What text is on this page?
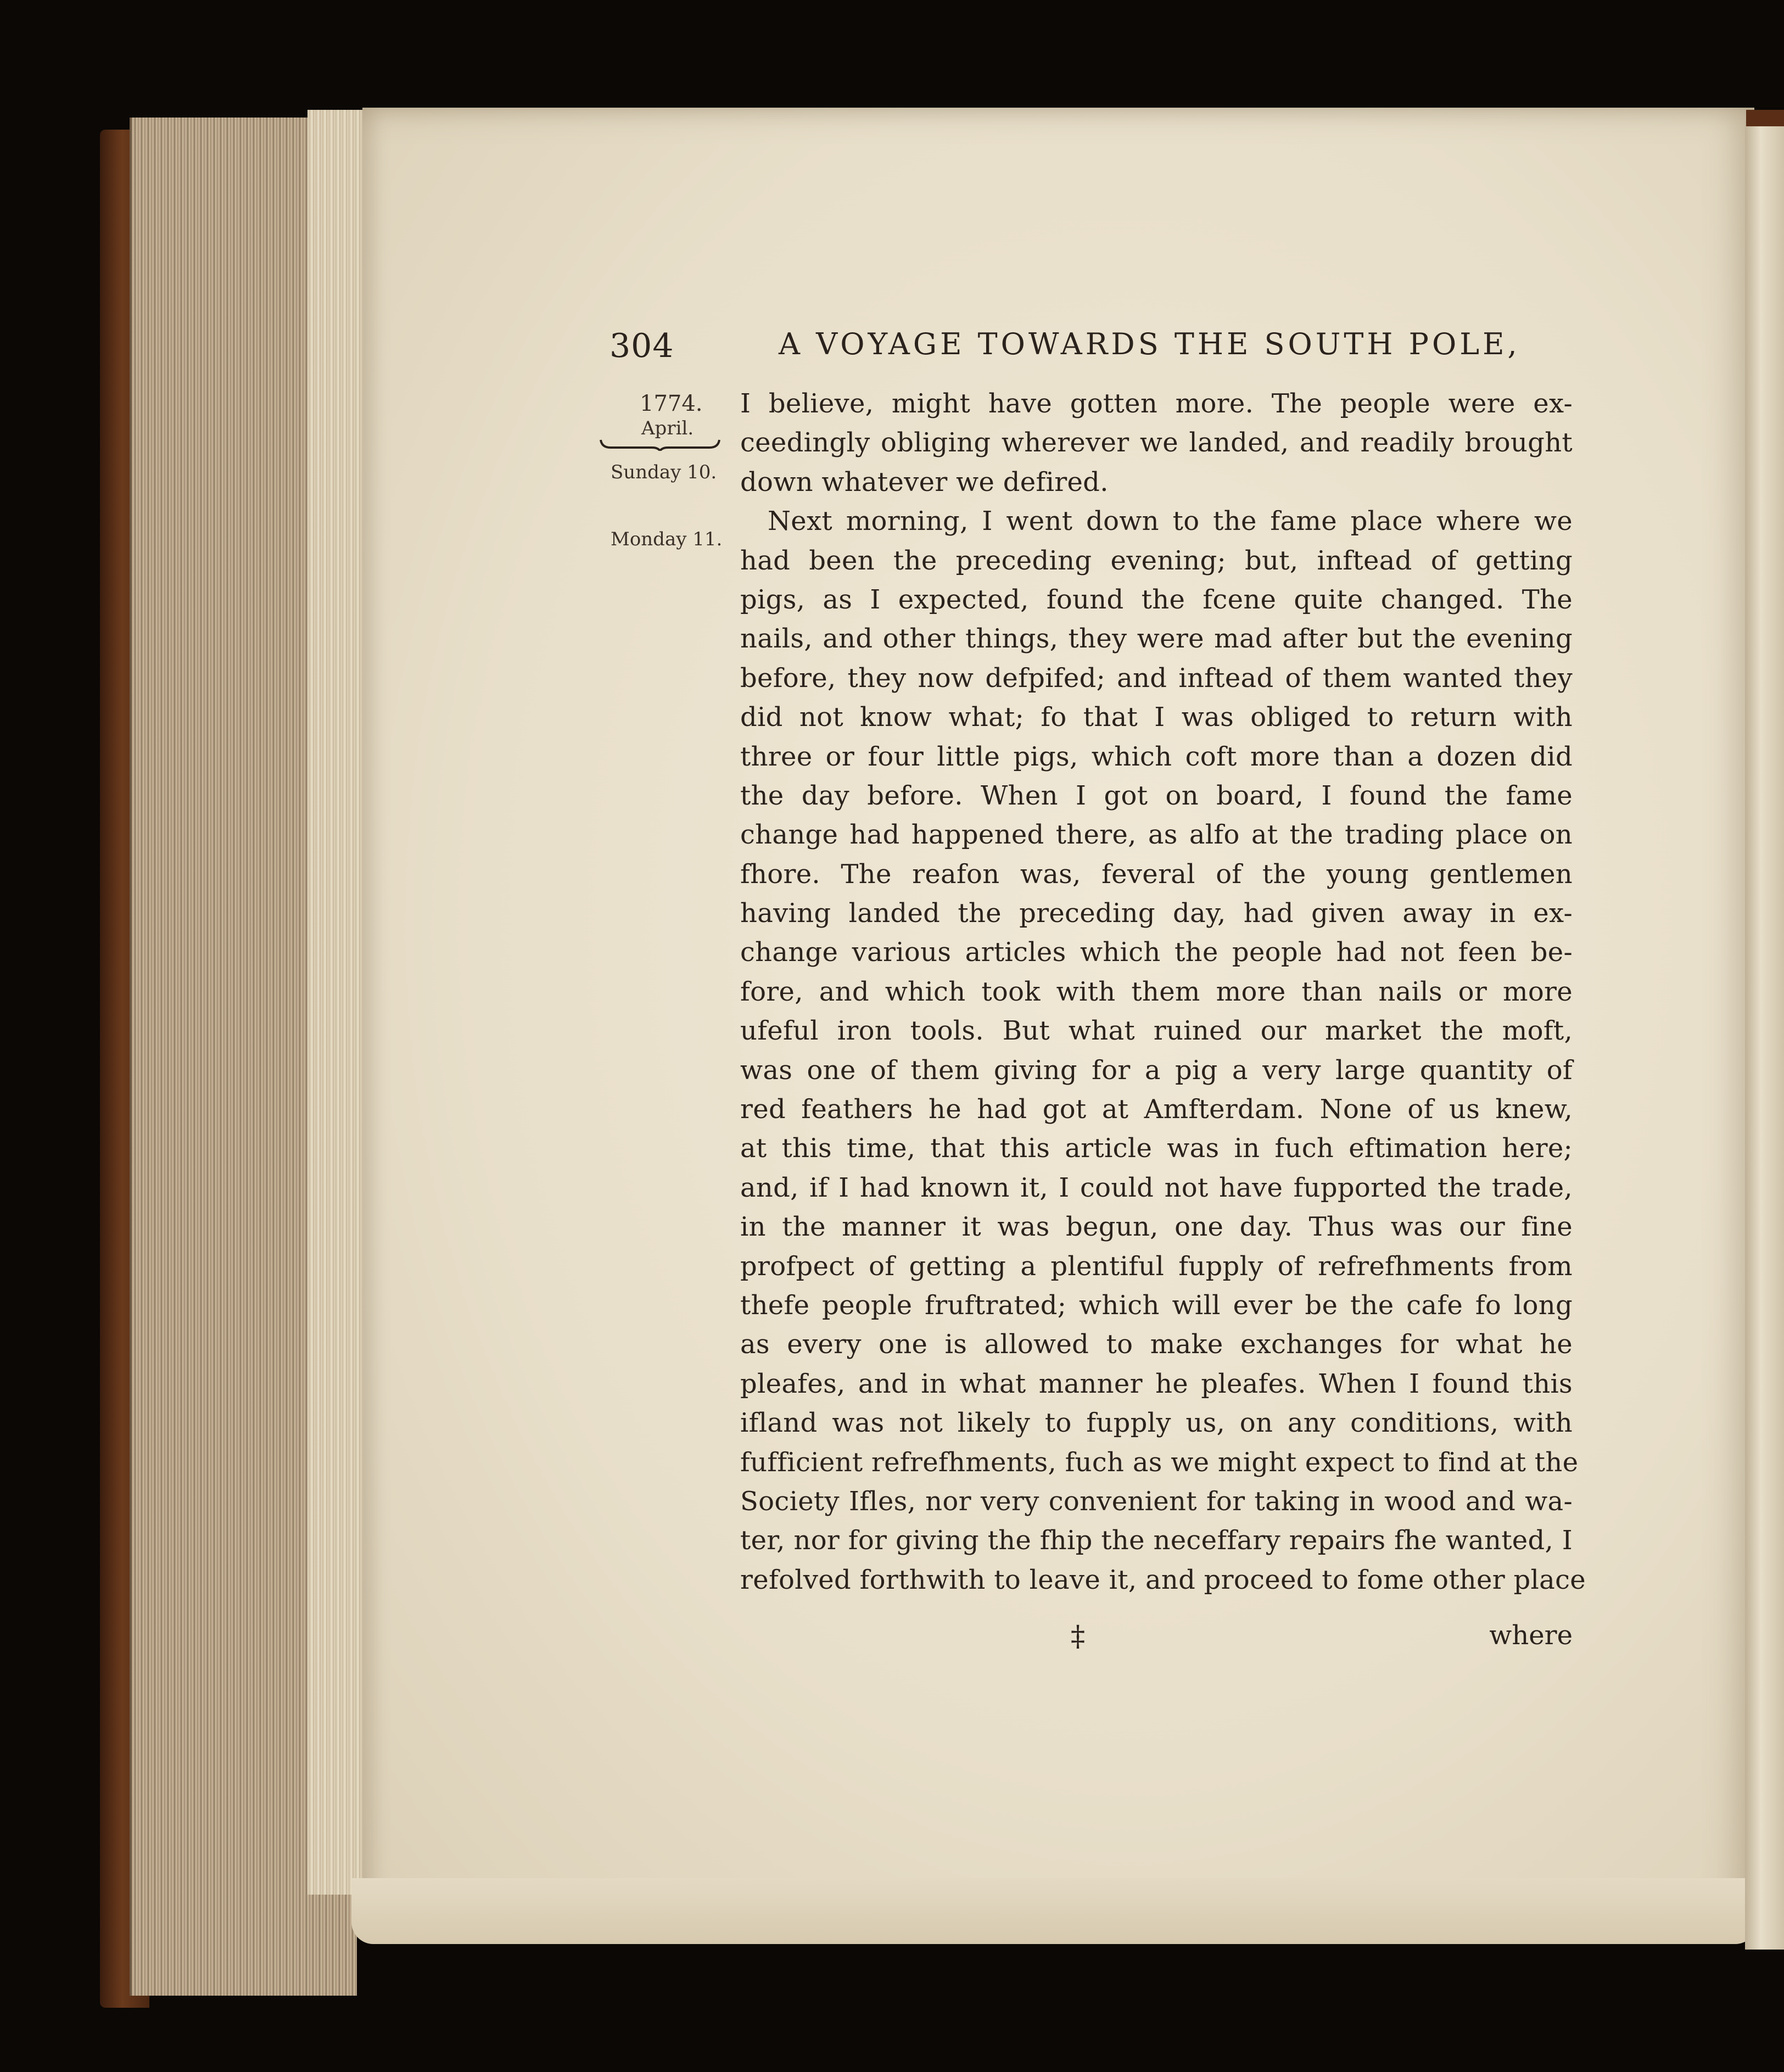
304	A VOYAGE TOWARDS THE SOUTH POLE,
1774.
April.
Sunday 10.
Monday 11.
I believe, might have gotten more. The people were ex-
ceedingly obliging wherever we landed, and readily brought
down whatever we defired.
Next morning, I went down to the fame place where we
had been the preceding evening; but, inftead of getting
pigs, as I expected, found the fcene quite changed. The
nails, and other things, they were mad after but the evening
before, they now defpifed; and inftead of them wanted they
did not know what; fo that I was obliged to return with
three or four little pigs, which coft more than a dozen did
the day before. When I got on board, I found the fame
change had happened there, as alfo at the trading place on
fhore. The reafon was, feveral of the young gentlemen
having landed the preceding day, had given away in ex-
change various articles which the people had not feen be-
fore, and which took with them more than nails or more
ufeful iron tools. But what ruined our market the moft,
was one of them giving for a pig a very large quantity of
red feathers he had got at Amfterdam. None of us knew,
at this time, that this article was in fuch eftimation here;
and, if I had known it, I could not have fupported the trade,
in the manner it was begun, one day. Thus was our fine
profpect of getting a plentiful fupply of refrefhments from
thefe people fruftrated; which will ever be the cafe fo long
as every one is allowed to make exchanges for what he
pleafes, and in what manner he pleafes. When I found this
ifland was not likely to fupply us, on any conditions, with
fufficient refrefhments, fuch as we might expect to find at the
Society Ifles, nor very convenient for taking in wood and wa-
ter, nor for giving the fhip the neceffary repairs fhe wanted, I
refolved forthwith to leave it, and proceed to fome other place
‡	where
